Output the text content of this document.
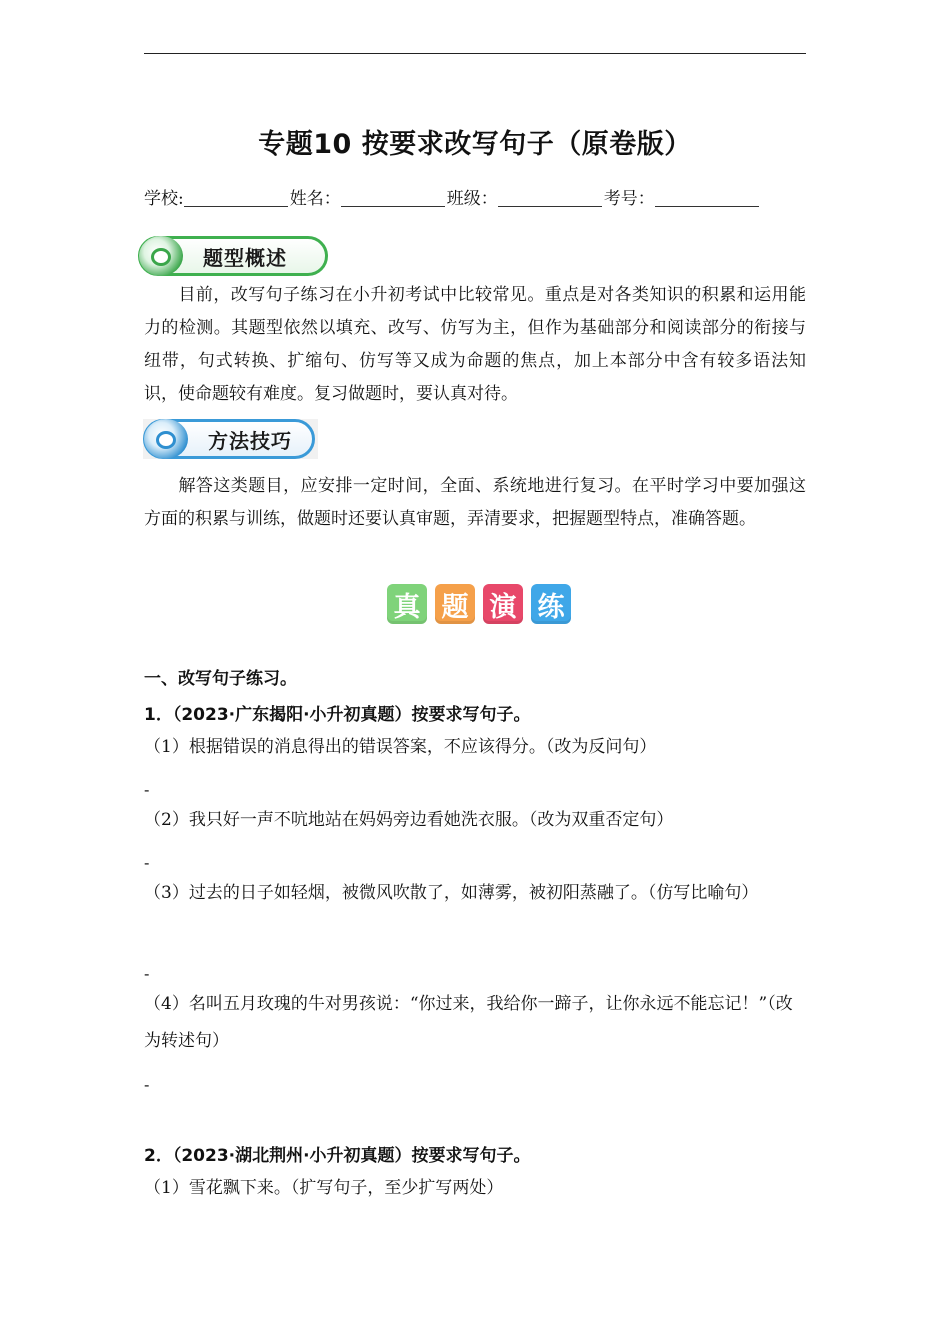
专题10 按要求改写句子（原卷版）
学校:	姓名：	班级：	考号：
题型概述
目前，改写句子练习在小升初考试中比较常见。重点是对各类知识的积累和运用能力的检测。其题型依然以填充、改写、仿写为主，但作为基础部分和阅读部分的衔接与纽带，句式转换、扩缩句、仿写等又成为命题的焦点，加上本部分中含有较多语法知识，使命题较有难度。复习做题时，要认真对待。
方法技巧
解答这类题目，应安排一定时间，全面、系统地进行复习。在平时学习中要加强这方面的积累与训练，做题时还要认真审题，弄清要求，把握题型特点，准确答题。
真 题 演 练
一、改写句子练习。
1．（2023·广东揭阳·小升初真题）按要求写句子。
（1）根据错误的消息得出的错误答案，不应该得分。（改为反问句）
-
（2）我只好一声不吭地站在妈妈旁边看她洗衣服。（改为双重否定句）
-
（3）过去的日子如轻烟，被微风吹散了，如薄雾，被初阳蒸融了。（仿写比喻句）
-
（4）名叫五月玫瑰的牛对男孩说：“你过来，我给你一蹄子，让你永远不能忘记！”（改为转述句）
-
2．（2023·湖北荆州·小升初真题）按要求写句子。
（1）雪花飘下来。（扩写句子，至少扩写两处）
